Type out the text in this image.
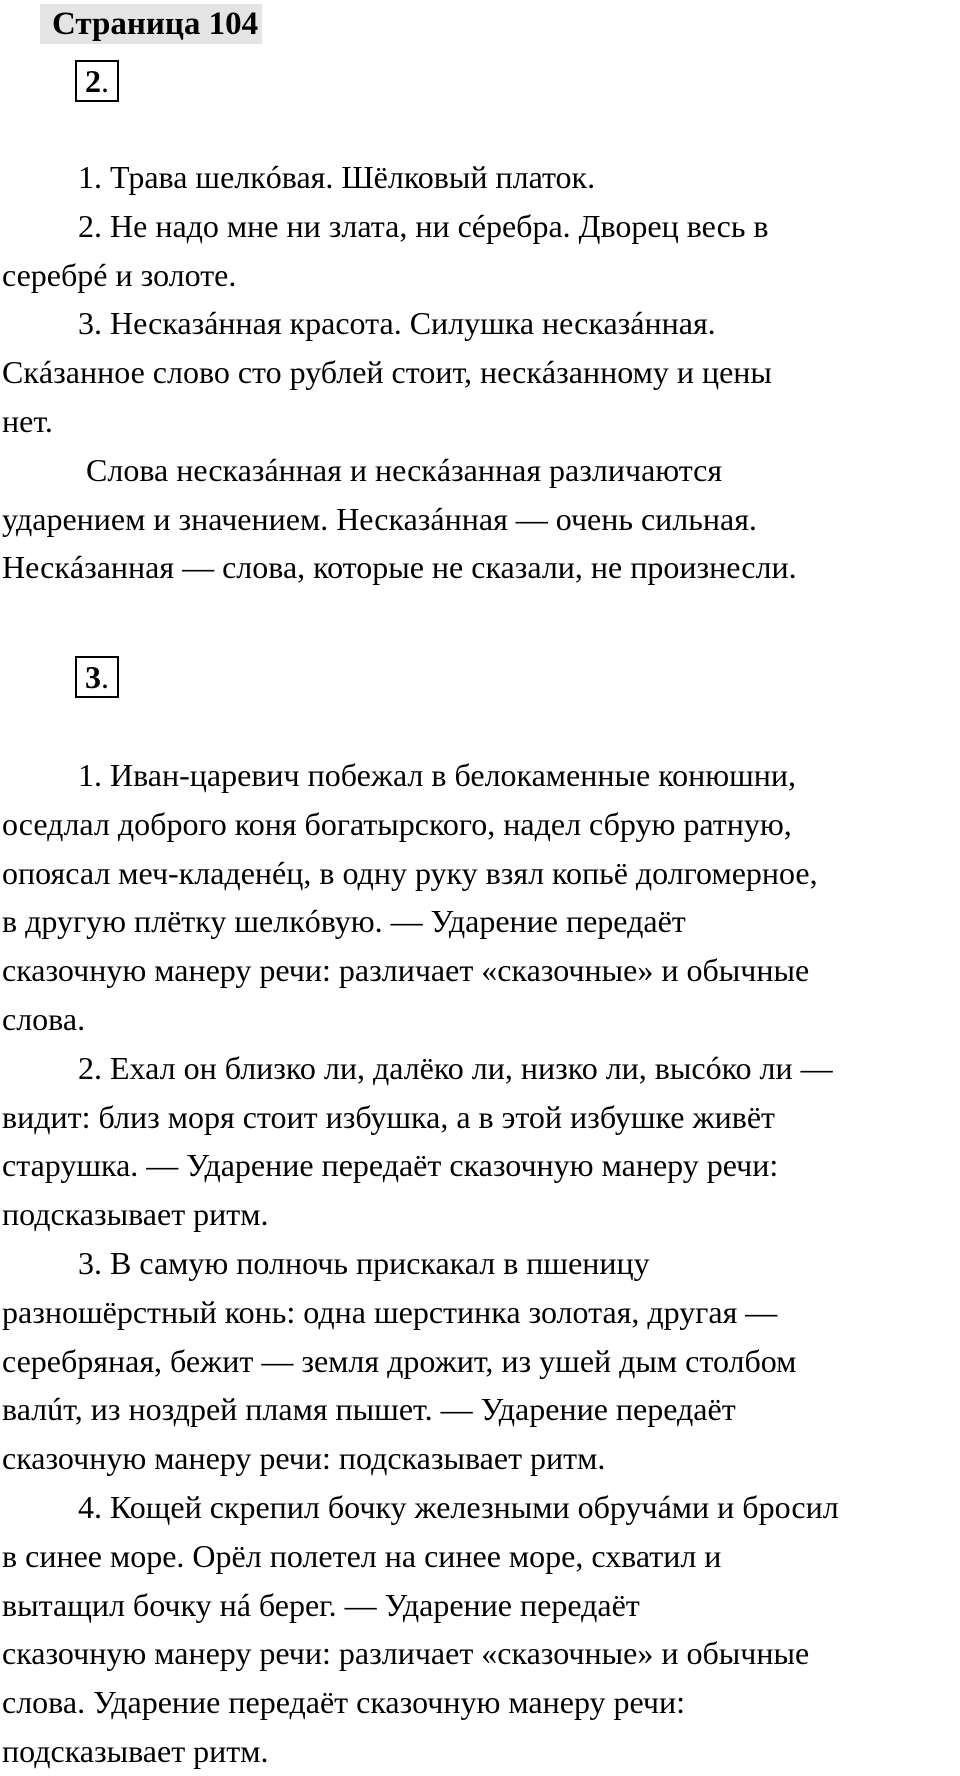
Страница 104
2.

1. Трава шелкóвая. Шёлковый платок.

2. Не надо мне ни злата, ни сéребра. Дворец весь в
серебрé и золоте.

3. Несказáнная красота. Силушка несказáнная.
Скáзанное слово сто рублей стоит, нескáзанному и цены
нет.

Слова несказáнная и нескáзанная различаются
ударением и значением. Несказáнная — очень сильная.
Нескáзанная — слова, которые не сказали, не произнесли.

3.

1. Иван-царевич побежал в белокаменные конюшни,
оседлал доброго коня богатырского, надел сбрую ратную,
опоясал меч-кладенéц, в одну руку взял копьё долгомерное,
в другую плётку шелкóвую. — Ударение передаёт
сказочную манеру речи: различает «сказочные» и обычные
слова.

2. Ехал он близко ли, далёко ли, низко ли, высóко ли —
видит: близ моря стоит избушка, а в этой избушке живёт
старушка. — Ударение передаёт сказочную манеру речи:
подсказывает ритм.

3. В самую полночь прискакал в пшеницу
разношёрстный конь: одна шерстинка золотая, другая —
серебряная, бежит — земля дрожит, из ушей дым столбом
валúт, из ноздрей пламя пышет. — Ударение передаёт
сказочную манеру речи: подсказывает ритм.

4. Кощей скрепил бочку железными обручáми и бросил
в синее море. Орёл полетел на синее море, схватил и
вытащил бочку нá берег. — Ударение передаёт
сказочную манеру речи: различает «сказочные» и обычные
слова. Ударение передаёт сказочную манеру речи:
подсказывает ритм.
